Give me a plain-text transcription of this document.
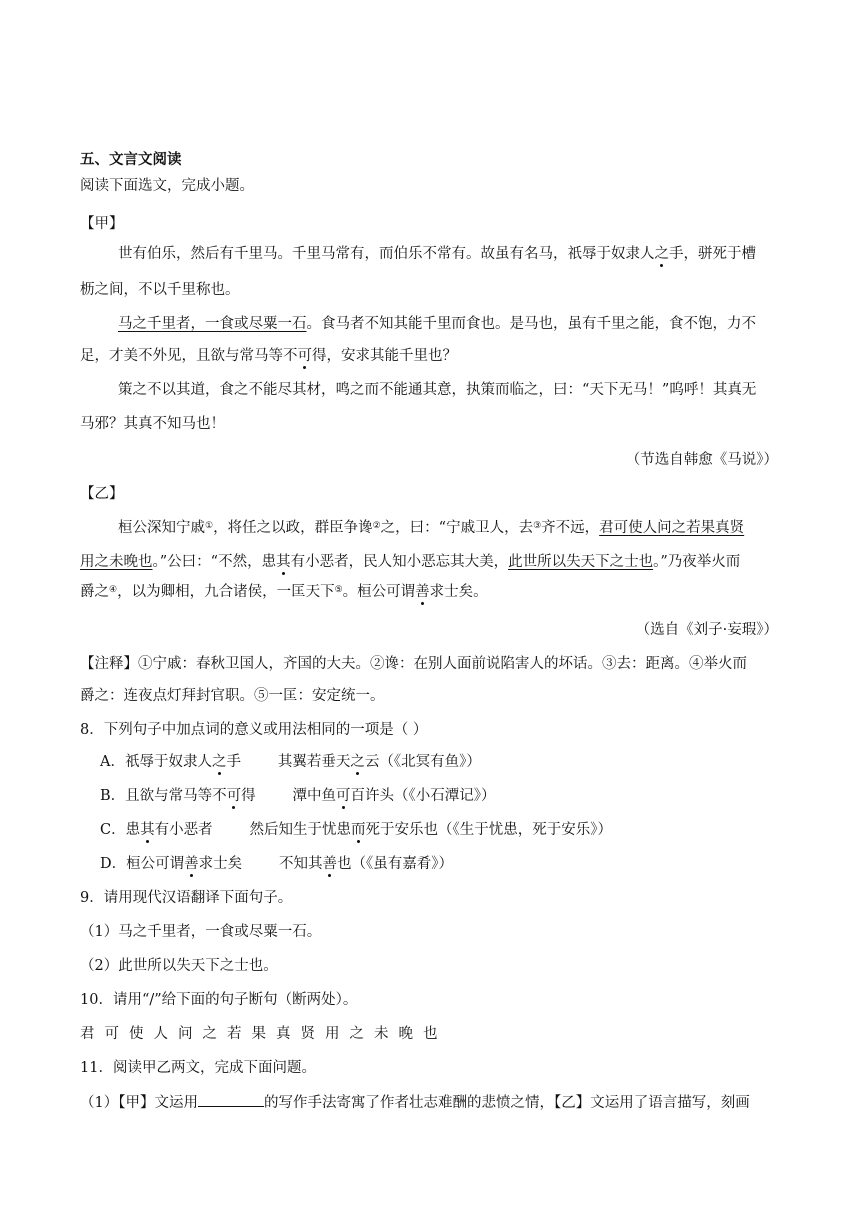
五、文言文阅读
阅读下面选文，完成小题。
【甲】
世有伯乐，然后有千里马。千里马常有，而伯乐不常有。故虽有名马，祇辱于奴隶人之手，骈死于槽
枥之间，不以千里称也。
马之千里者，一食或尽粟一石。食马者不知其能千里而食也。是马也，虽有千里之能，食不饱，力不
足，才美不外见，且欲与常马等不可得，安求其能千里也？
策之不以其道，食之不能尽其材，鸣之而不能通其意，执策而临之，曰：“天下无马！”呜呼！其真无
马邪？其真不知马也！
（节选自韩愈《马说》）
【乙】
桓公深知宁戚①，将任之以政，群臣争谗②之，曰：“宁戚卫人，去③齐不远，君可使人问之若果真贤
用之未晚也。”公曰：“不然，患其有小恶者，民人知小恶忘其大美，此世所以失天下之士也。”乃夜举火而
爵之④，以为卿相，九合诸侯，一匡天下⑤。桓公可谓善求士矣。
（选自《刘子·妄瑕》）
【注释】①宁戚：春秋卫国人，齐国的大夫。②谗：在别人面前说陷害人的坏话。③去：距离。④举火而
爵之：连夜点灯拜封官职。⑤一匡：安定统一。
8．下列句子中加点词的意义或用法相同的一项是（ ）
A．祇辱于奴隶人之手        其翼若垂天之云（《北冥有鱼》）
B．且欲与常马等不可得        潭中鱼可百许头（《小石潭记》）
C．患其有小恶者        然后知生于忧患而死于安乐也（《生于忧患，死于安乐》）
D．桓公可谓善求士矣        不知其善也（《虽有嘉肴》）
9．请用现代汉语翻译下面句子。
（1）马之千里者，一食或尽粟一石。
（2）此世所以失天下之士也。
10．请用“/”给下面的句子断句（断两处）。
君可使人问之若果真贤用之未晚也
11．阅读甲乙两文，完成下面问题。
（1）【甲】文运用	的写作手法寄寓了作者壮志难酬的悲愤之情，【乙】文运用了语言描写，刻画
